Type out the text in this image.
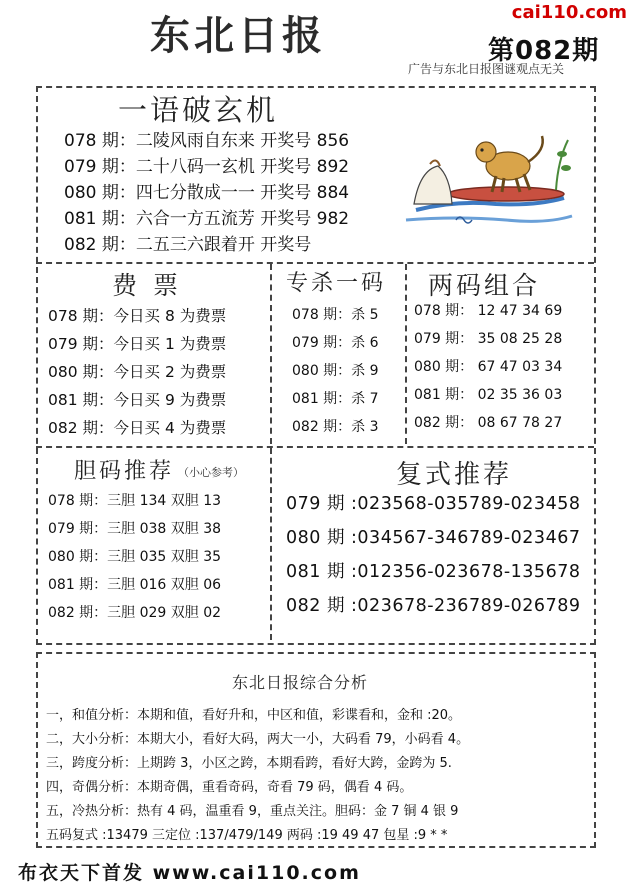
东北日报	cai110.com
第082期
广告与东北日报图谜观点无关
一语破玄机
078 期：二陵风雨自东来 开奖号 856
079 期：二十八码一玄机 开奖号 892
080 期：四七分散成一一 开奖号 884
081 期：六合一方五流芳 开奖号 982
082 期：二五三六跟着开 开奖号
费票
078 期：今日买 8 为费票
079 期：今日买 1 为费票
080 期：今日买 2 为费票
081 期：今日买 9 为费票
082 期：今日买 4 为费票
专杀一码
078 期：杀 5
079 期：杀 6
080 期：杀 9
081 期：杀 7
082 期：杀 3
两码组合
078 期： 12 47 34 69
079 期： 35 08 25 28
080 期： 67 47 03 34
081 期： 02 35 36 03
082 期： 08 67 78 27
胆码推荐 （小心参考）
078 期：三胆 134 双胆 13
079 期：三胆 038 双胆 38
080 期：三胆 035 双胆 35
081 期：三胆 016 双胆 06
082 期：三胆 029 双胆 02
复式推荐
079 期 :023568-035789-023458
080 期 :034567-346789-023467
081 期 :012356-023678-135678
082 期 :023678-236789-026789
东北日报综合分析
一，和值分析：本期和值，看好升和，中区和值，彩谍看和，金和 :20。
二，大小分析：本期大小，看好大码，两大一小，大码看 79，小码看 4。
三，跨度分析：上期跨 3，小区之跨，本期看跨，看好大跨，金跨为 5.
四，奇偶分析：本期奇偶，重看奇码，奇看 79 码，偶看 4 码。
五，冷热分析：热有 4 码，温重看 9，重点关注。胆码：金 7 铜 4 银 9
五码复式 :13479 三定位 :137/479/149 两码 :19 49 47 包星 :9 * *
布衣天下首发 www.cai110.com
